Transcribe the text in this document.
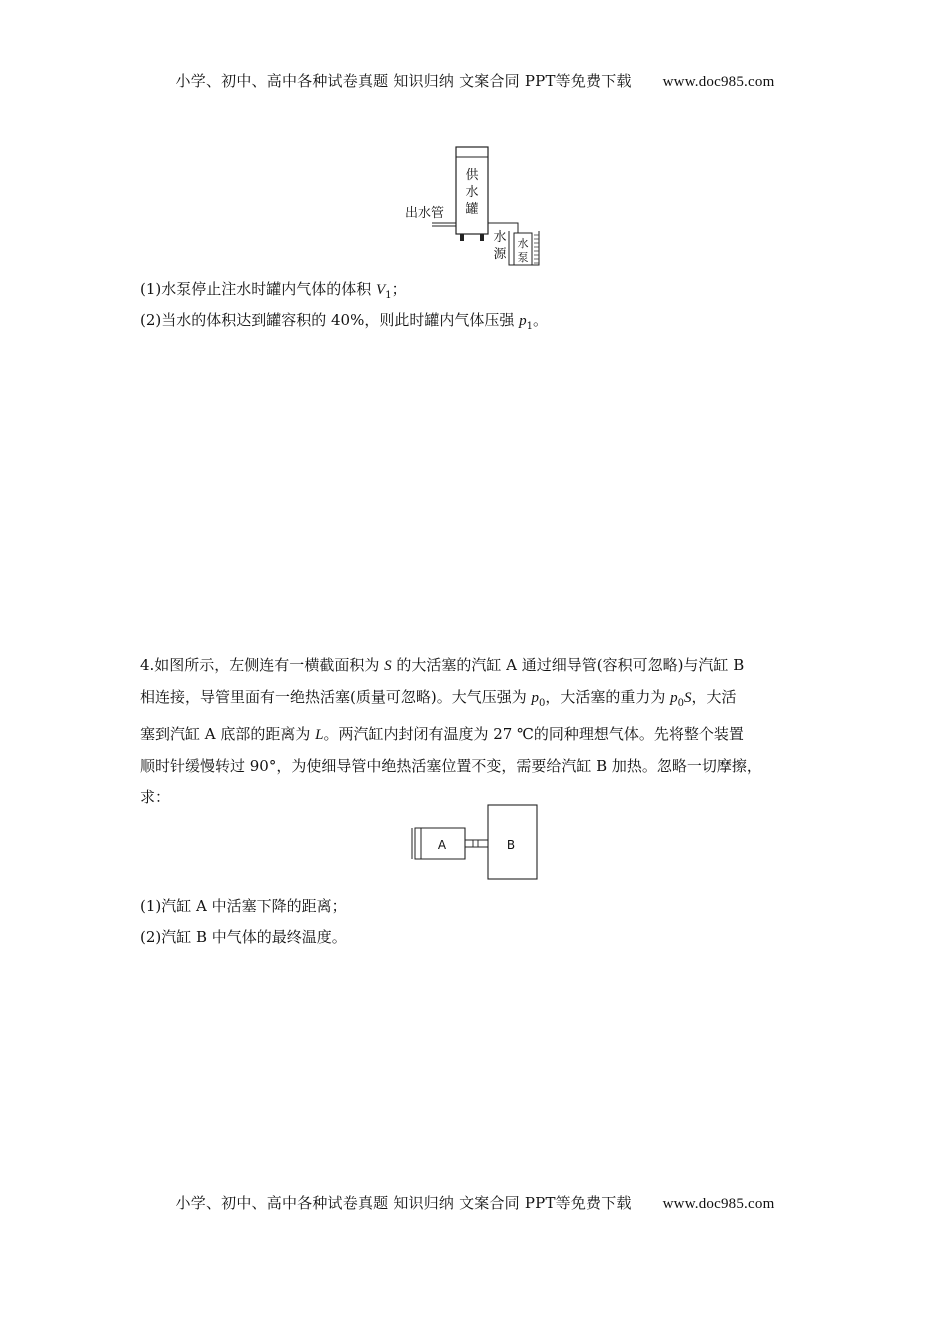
小学、初中、高中各种试卷真题 知识归纳 文案合同 PPT等免费下载 www.doc985.com
供
水
罐
出水管
水
泵
水
源
(1)水泵停止注水时罐内气体的体积 $V_1$；
(2)当水的体积达到罐容积的 40%，则此时罐内气体压强 $p_1$。
4.如图所示，左侧连有一横截面积为 S 的大活塞的汽缸 A 通过细导管(容积可忽略)与汽缸 B
相连接，导管里面有一绝热活塞(质量可忽略)。大气压强为 $p_0$，大活塞的重力为 $p_0S$，大活
塞到汽缸 A 底部的距离为 L。两汽缸内封闭有温度为 27 ℃的同种理想气体。先将整个装置
顺时针缓慢转过 90°，为使细导管中绝热活塞位置不变，需要给汽缸 B 加热。忽略一切摩擦，
求：
A	B
(1)汽缸 A 中活塞下降的距离；
(2)汽缸 B 中气体的最终温度。
小学、初中、高中各种试卷真题 知识归纳 文案合同 PPT等免费下载 www.doc985.com
